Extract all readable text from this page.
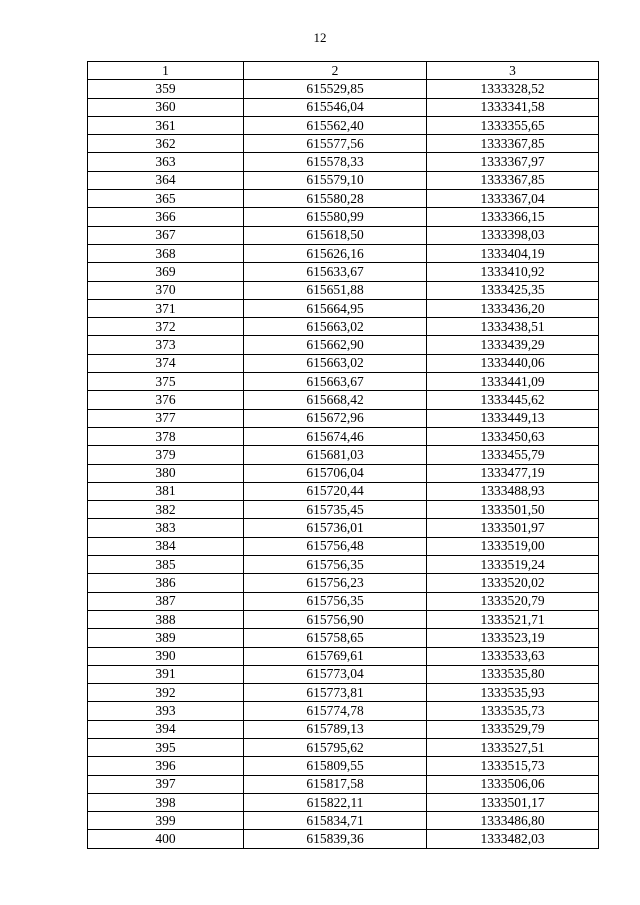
12
1	2	3
359	615529,85	1333328,52
360	615546,04	1333341,58
361	615562,40	1333355,65
362	615577,56	1333367,85
363	615578,33	1333367,97
364	615579,10	1333367,85
365	615580,28	1333367,04
366	615580,99	1333366,15
367	615618,50	1333398,03
368	615626,16	1333404,19
369	615633,67	1333410,92
370	615651,88	1333425,35
371	615664,95	1333436,20
372	615663,02	1333438,51
373	615662,90	1333439,29
374	615663,02	1333440,06
375	615663,67	1333441,09
376	615668,42	1333445,62
377	615672,96	1333449,13
378	615674,46	1333450,63
379	615681,03	1333455,79
380	615706,04	1333477,19
381	615720,44	1333488,93
382	615735,45	1333501,50
383	615736,01	1333501,97
384	615756,48	1333519,00
385	615756,35	1333519,24
386	615756,23	1333520,02
387	615756,35	1333520,79
388	615756,90	1333521,71
389	615758,65	1333523,19
390	615769,61	1333533,63
391	615773,04	1333535,80
392	615773,81	1333535,93
393	615774,78	1333535,73
394	615789,13	1333529,79
395	615795,62	1333527,51
396	615809,55	1333515,73
397	615817,58	1333506,06
398	615822,11	1333501,17
399	615834,71	1333486,80
400	615839,36	1333482,03
